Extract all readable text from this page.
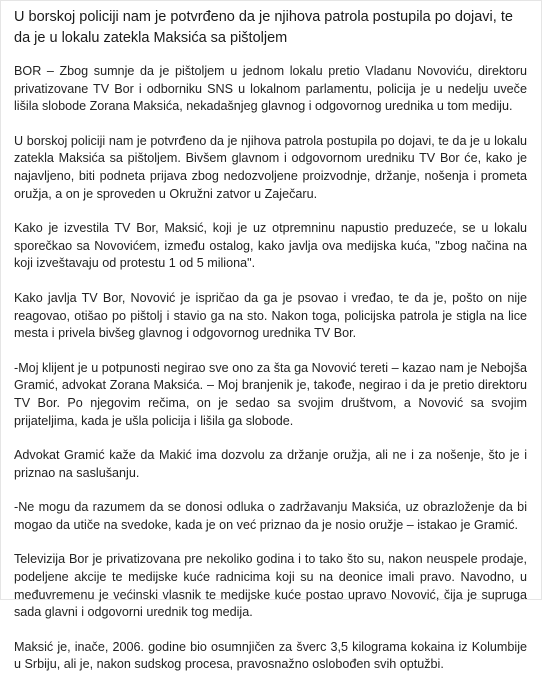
U borskoj policiji nam je potvrđeno da je njihova patrola postupila po dojavi, te da je u lokalu zatekla Maksića sa pištoljem

BOR – Zbog sumnje da je pištoljem u jednom lokalu pretio Vladanu Novoviću, direktoru privatizovane TV Bor i odborniku SNS u lokalnom parlamentu, policija je u nedelju uveče lišila slobode Zorana Maksića, nekadašnjeg glavnog i odgovornog urednika u tom mediju.

U borskoj policiji nam je potvrđeno da je njihova patrola postupila po dojavi, te da je u lokalu zatekla Maksića sa pištoljem. Bivšem glavnom i odgovornom uredniku TV Bor će, kako je najavljeno, biti podneta prijava zbog nedozvoljene proizvodnje, držanje, nošenja i prometa oružja, a on je sproveden u Okružni zatvor u Zaječaru.

Kako je izvestila TV Bor, Maksić, koji je uz otpremninu napustio preduzeće, se u lokalu sporečkao sa Novovićem, između ostalog, kako javlja ova medijska kuća, "zbog načina na koji izveštavaju od protestu 1 od 5 miliona".

Kako javlja TV Bor, Novović je ispričao da ga je psovao i vređao, te da je, pošto on nije reagovao, otišao po pištolj i stavio ga na sto. Nakon toga, policijska patrola je stigla na lice mesta i privela bivšeg glavnog i odgovornog urednika TV Bor.

-Moj klijent je u potpunosti negirao sve ono za šta ga Novović tereti – kazao nam je Nebojša Gramić, advokat Zorana Maksića. – Moj branjenik je, takođe, negirao i da je pretio direktoru TV Bor. Po njegovim rečima, on je sedao sa svojim društvom, a Novović sa svojim prijateljima, kada je ušla policija i lišila ga slobode.

Advokat Gramić kaže da Makić ima dozvolu za držanje oružja, ali ne i za nošenje, što je i priznao na saslušanju.

-Ne mogu da razumem da se donosi odluka o zadržavanju Maksića, uz obrazloženje da bi mogao da utiče na svedoke, kada je on već priznao da je nosio oružje – istakao je Gramić.

Televizija Bor je privatizovana pre nekoliko godina i to tako što su, nakon neuspele prodaje, podeljene akcije te medijske kuće radnicima koji su na deonice imali pravo. Navodno, u međuvremenu je većinski vlasnik te medijske kuće postao upravo Novović, čija je supruga sada glavni i odgovorni urednik tog medija.

Maksić je, inače, 2006. godine bio osumnjičen za šverc 3,5 kilograma kokaina iz Kolumbije u Srbiju, ali je, nakon sudskog procesa, pravosnažno oslobođen svih optužbi.
